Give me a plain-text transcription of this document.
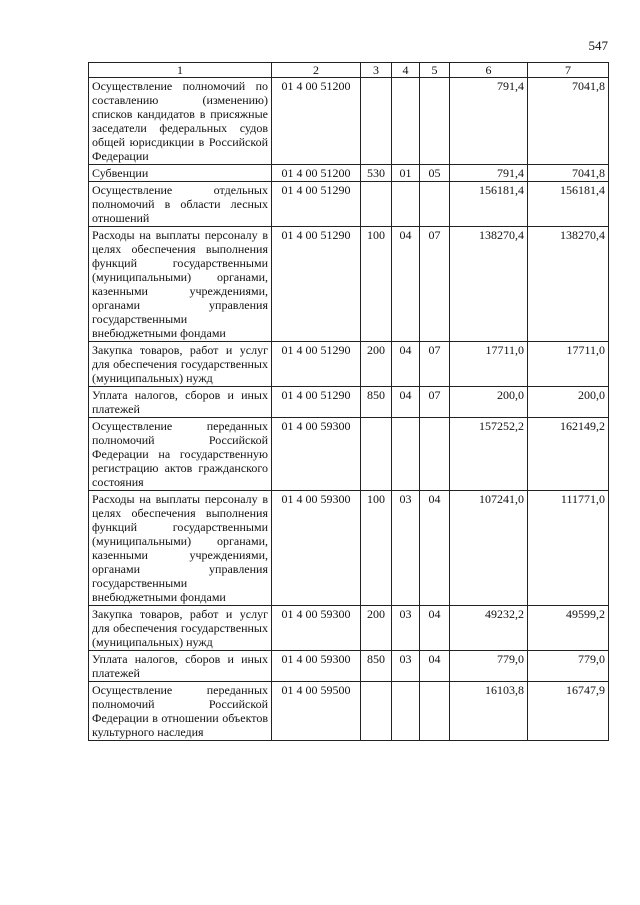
547
1	2	3	4	5	6	7
Осуществление полномочий по составлению (изменению) списков кандидатов в присяжные заседатели федеральных судов общей юрисдикции в Российской Федерации	01 4 00 51200				791,4	7041,8
Субвенции	01 4 00 51200	530	01	05	791,4	7041,8
Осуществление отдельных полномочий в области лесных отношений	01 4 00 51290				156181,4	156181,4
Расходы на выплаты персоналу в целях обеспечения выполнения функций государственными (муниципальными) органами, казенными учреждениями, органами управления государственными внебюджетными фондами	01 4 00 51290	100	04	07	138270,4	138270,4
Закупка товаров, работ и услуг для обеспечения государственных (муниципальных) нужд	01 4 00 51290	200	04	07	17711,0	17711,0
Уплата налогов, сборов и иных платежей	01 4 00 51290	850	04	07	200,0	200,0
Осуществление переданных полномочий Российской Федерации на государственную регистрацию актов гражданского состояния	01 4 00 59300				157252,2	162149,2
Расходы на выплаты персоналу в целях обеспечения выполнения функций государственными (муниципальными) органами, казенными учреждениями, органами управления государственными внебюджетными фондами	01 4 00 59300	100	03	04	107241,0	111771,0
Закупка товаров, работ и услуг для обеспечения государственных (муниципальных) нужд	01 4 00 59300	200	03	04	49232,2	49599,2
Уплата налогов, сборов и иных платежей	01 4 00 59300	850	03	04	779,0	779,0
Осуществление переданных полномочий Российской Федерации в отношении объектов культурного наследия	01 4 00 59500				16103,8	16747,9
